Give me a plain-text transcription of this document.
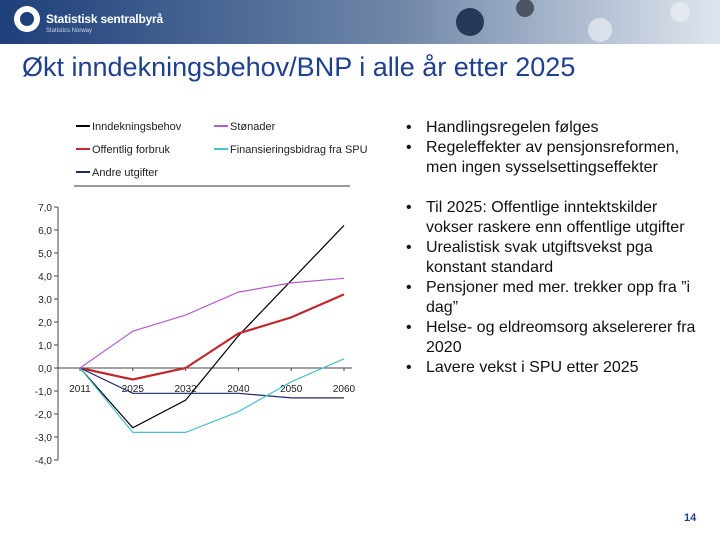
Statistisk sentralbyrå
Statistics Norway
Økt inndekningsbehov/BNP i alle år etter 2025
Inndekningsbehov
Offentlig forbruk
Andre utgifter
Stønader
Finansieringsbidrag fra SPU
7,0
6,0
5,0
4,0
3,0
2,0
1,0
0,0
-1,0
-2,0
-3,0
-4,0
2011	2025	2032	2040	2050	2060
• Handlingsregelen følges
• Regeleffekter av pensjonsreformen, men ingen sysselsettingseffekter
• Til 2025: Offentlige inntektskilder vokser raskere enn offentlige utgifter
• Urealistisk svak utgiftsvekst pga konstant standard
• Pensjoner med mer. trekker opp fra ”i dag”
• Helse- og eldreomsorg akselererer fra 2020
• Lavere vekst i SPU etter 2025
14
